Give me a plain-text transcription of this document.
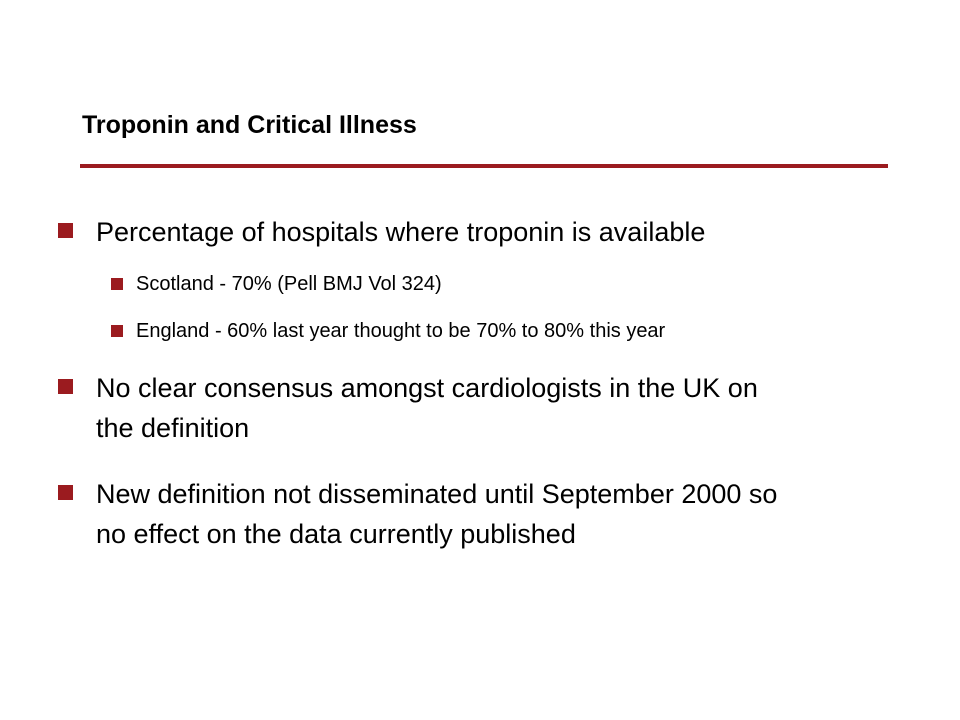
Troponin and Critical Illness
Percentage of hospitals where troponin is available
Scotland - 70% (Pell BMJ Vol 324)
England - 60% last year thought to be 70% to 80% this year
No clear consensus amongst cardiologists in the UK on
the definition
New definition not disseminated until September 2000 so
no effect on the data currently published
